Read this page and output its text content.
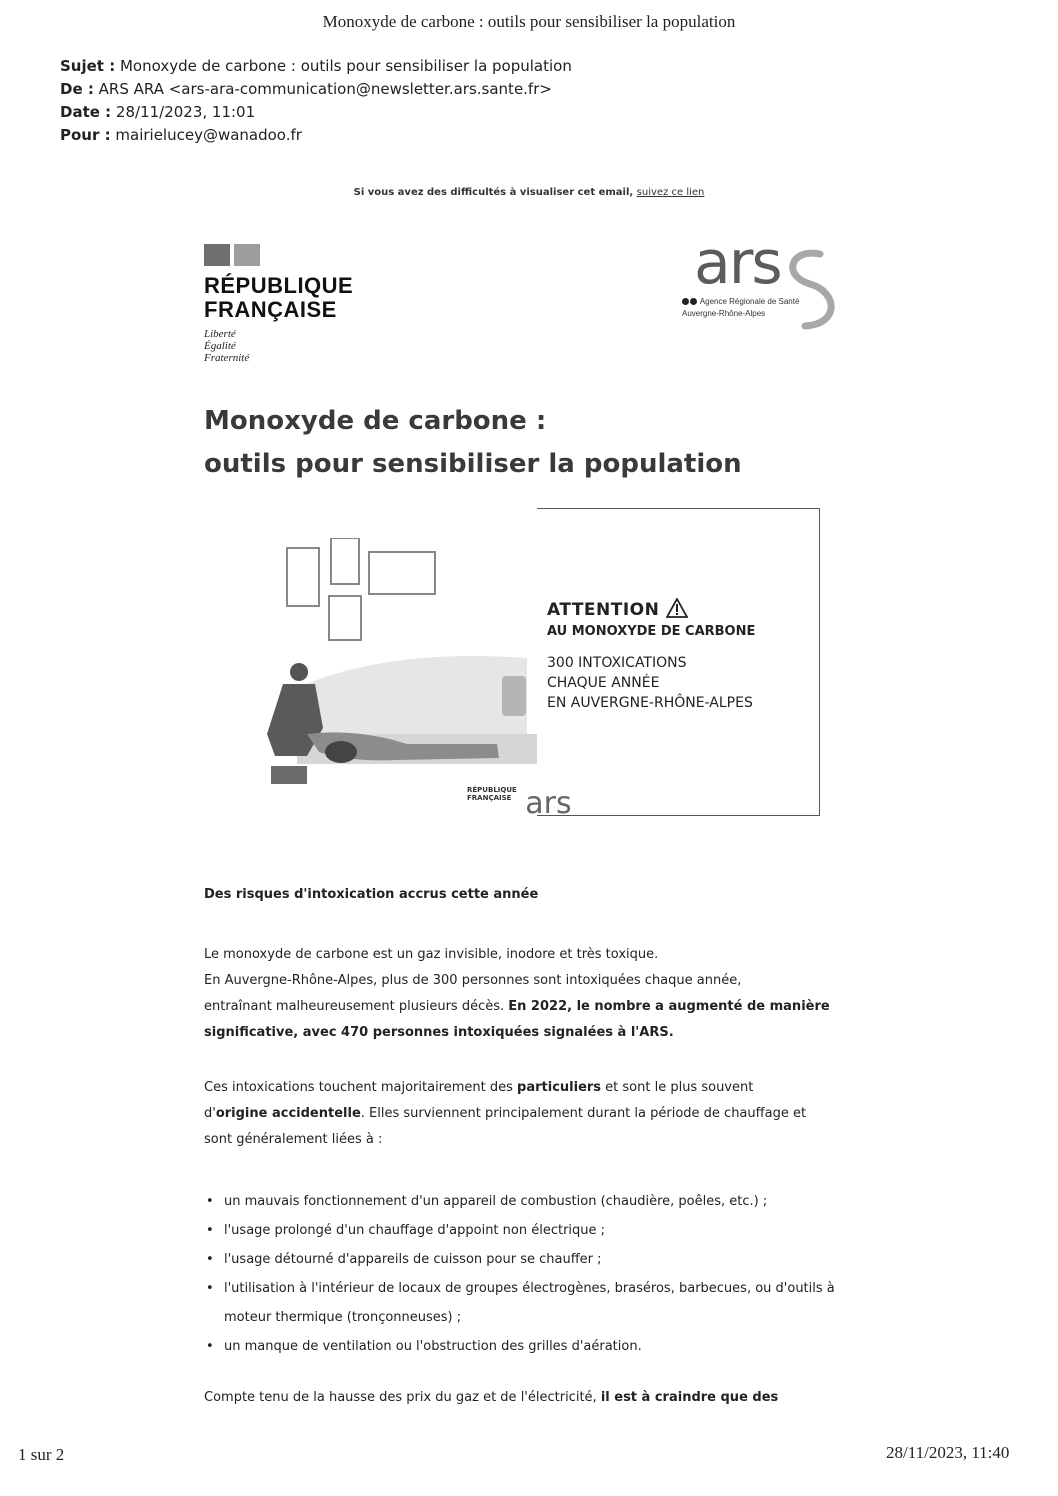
Monoxyde de carbone : outils pour sensibiliser la population
Sujet : Monoxyde de carbone : outils pour sensibiliser la population
De : ARS ARA <ars-ara-communication@newsletter.ars.sante.fr>
Date : 28/11/2023, 11:01
Pour : mairielucey@wanadoo.fr
Si vous avez des difficultés à visualiser cet email, suivez ce lien
RÉPUBLIQUE
FRANÇAISE
Liberté
Égalité
Fraternité
ars
Agence Régionale de Santé
Auvergne-Rhône-Alpes
Monoxyde de carbone :
outils pour sensibiliser la population
ATTENTION
AU MONOXYDE DE CARBONE
300 INTOXICATIONS
CHAQUE ANNÉE
EN AUVERGNE-RHÔNE-ALPES
RÉPUBLIQUE FRANÇAISE ars
Des risques d'intoxication accrus cette année
Le monoxyde de carbone est un gaz invisible, inodore et très toxique.
En Auvergne-Rhône-Alpes, plus de 300 personnes sont intoxiquées chaque année,
entraînant malheureusement plusieurs décès. En 2022, le nombre a augmenté de manière
significative, avec 470 personnes intoxiquées signalées à l'ARS.
Ces intoxications touchent majoritairement des particuliers et sont le plus souvent
d'origine accidentelle. Elles surviennent principalement durant la période de chauffage et
sont généralement liées à :
• un mauvais fonctionnement d'un appareil de combustion (chaudière, poêles, etc.) ;
• l'usage prolongé d'un chauffage d'appoint non électrique ;
• l'usage détourné d'appareils de cuisson pour se chauffer ;
• l'utilisation à l'intérieur de locaux de groupes électrogènes, braséros, barbecues, ou d'outils à moteur thermique (tronçonneuses) ;
• un manque de ventilation ou l'obstruction des grilles d'aération.
Compte tenu de la hausse des prix du gaz et de l'électricité, il est à craindre que des
1 sur 2	28/11/2023, 11:40
